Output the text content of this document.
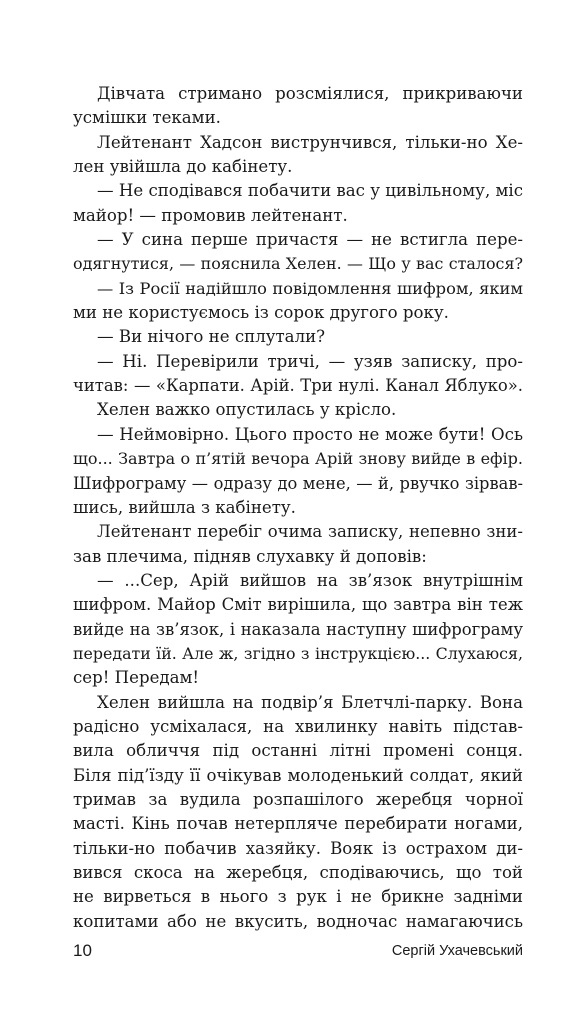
Дівчата стримано розсміялися, прикриваючи
усмішки теками.
Лейтенант Хадсон виструнчився, тільки-но Хе-
лен увійшла до кабінету.
— Не сподівався побачити вас у цивільному, міс
майор! — промовив лейтенант.
— У сина перше причастя — не встигла пере-
одягнутися, — пояснила Хелен. — Що у вас сталося?
— Із Росії надійшло повідомлення шифром, яким
ми не користуємось із сорок другого року.
— Ви нічого не сплутали?
— Ні. Перевірили тричі, — узяв записку, про-
читав: — «Карпати. Арій. Три нулі. Канал Яблуко».
Хелен важко опустилась у крісло.
— Неймовірно. Цього просто не може бути! Ось
що... Завтра о п’ятій вечора Арій знову вийде в ефір.
Шифрограму — одразу до мене, — й, рвучко зірвав-
шись, вийшла з кабінету.
Лейтенант перебіг очима записку, непевно зни-
зав плечима, підняв слухавку й доповів:
— ...Сер, Арій вийшов на зв’язок внутрішнім
шифром. Майор Сміт вирішила, що завтра він теж
вийде на зв’язок, і наказала наступну шифрограму
передати їй. Але ж, згідно з інструкцією... Слухаюся,
сер! Передам!
Хелен вийшла на подвір’я Блетчлі-парку. Вона
радісно усміхалася, на хвилинку навіть підстав-
вила обличчя під останні літні промені сонця.
Біля під’їзду її очікував молоденький солдат, який
тримав за вудила розпашілого жеребця чорної
масті. Кінь почав нетерпляче перебирати ногами,
тільки-но побачив хазяйку. Вояк із острахом ди-
вився скоса на жеребця, сподіваючись, що той
не вирветься в нього з рук і не брикне задніми
копитами або не вкусить, водночас намагаючись
10	Сергій Ухачевський
